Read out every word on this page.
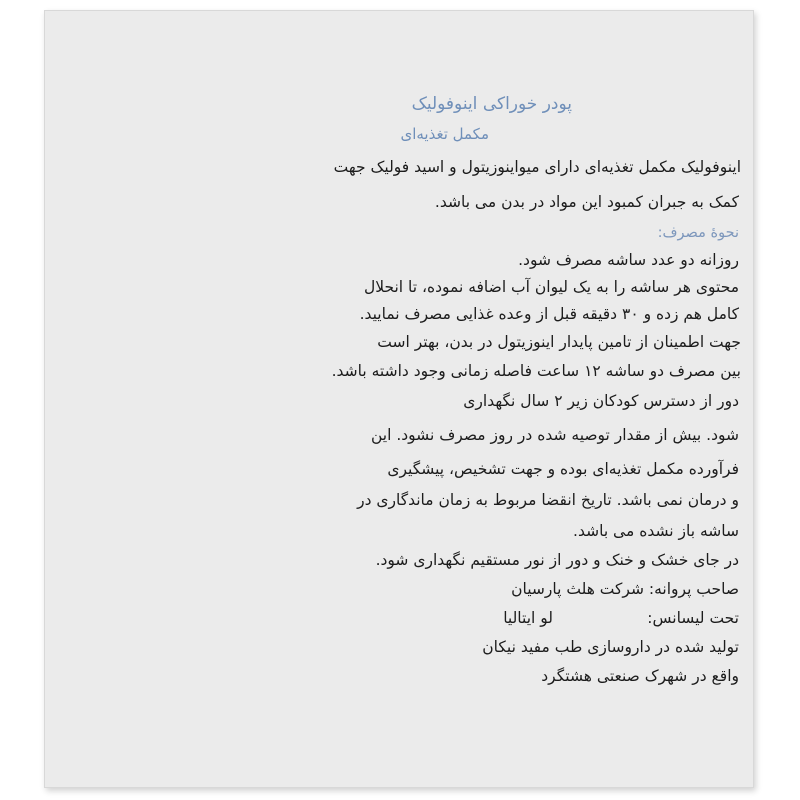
پودر خوراکی اینوفولیک
مکمل تغذیه‌ای
اینوفولیک مکمل تغذیه‌ای دارای میواینوزیتول و اسید فولیک جهت
کمک به جبران کمبود این مواد در بدن می باشد.
نحوۀ مصرف:
روزانه دو عدد ساشه مصرف شود.
محتوی هر ساشه را به یک لیوان آب اضافه نموده، تا انحلال
کامل هم زده و ۳۰ دقیقه قبل از وعده غذایی مصرف نمایید.
جهت اطمینان از تامین پایدار اینوزیتول در بدن، بهتر است
بین مصرف دو ساشه ۱۲ ساعت فاصله زمانی وجود داشته باشد.
دور از دسترس کودکان زیر ۲ سال نگهداری
شود. بیش از مقدار توصیه شده در روز مصرف نشود. این
فرآورده مکمل تغذیه‌ای بوده و جهت تشخیص، پیشگیری
و درمان نمی باشد. تاریخ انقضا مربوط به زمان ماندگاری در
ساشه باز نشده می باشد.
در جای خشک و خنک و دور از نور مستقیم نگهداری شود.
صاحب پروانه: شرکت هلث پارسیان
تحت لیسانس:
لو ایتالیا
تولید شده در داروسازی طب مفید نیکان
واقع در شهرک صنعتی هشتگرد
